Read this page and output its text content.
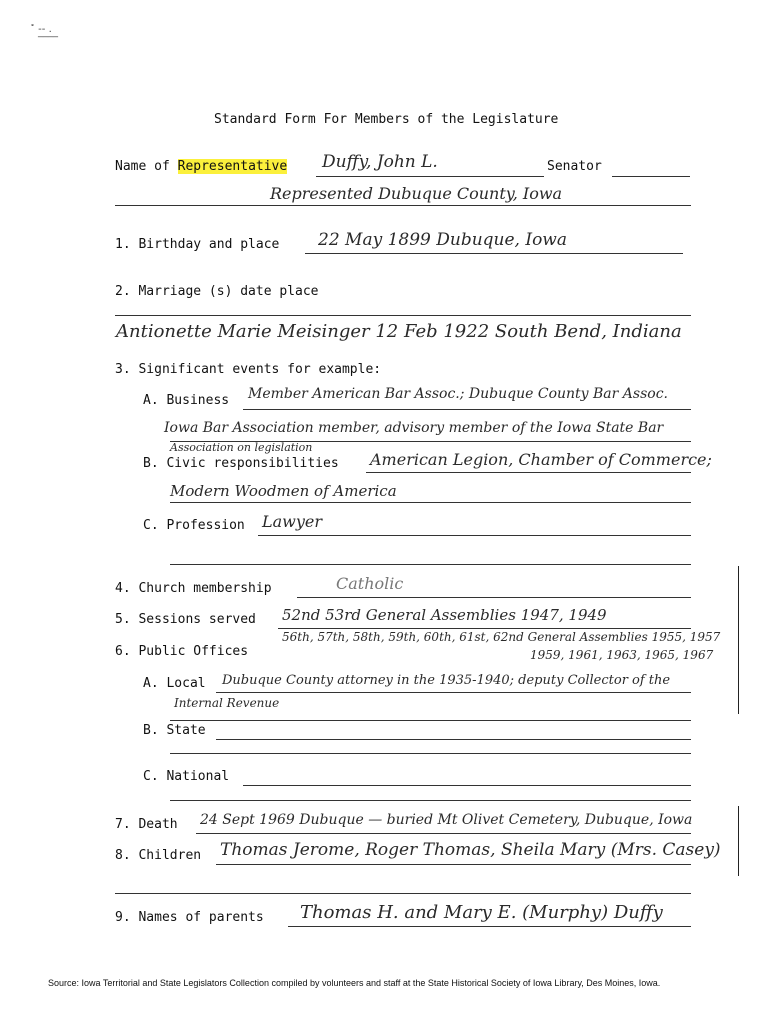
˟ -- .
‾‾‾‾
Standard Form For Members of the Legislature
Name of Representative Duffy, John L.	Senator
Represented Dubuque County, Iowa
1. Birthday and place 22 May 1899 Dubuque, Iowa
2. Marriage (s) date place
Antionette Marie Meisinger 12 Feb 1922 South Bend, Indiana
3. Significant events for example:
A. Business Member American Bar Assoc.; Dubuque County Bar Assoc.
Iowa Bar Association member, advisory member of the Iowa State Bar
Association on legislation
B. Civic responsibilities American Legion, Chamber of Commerce;
Modern Woodmen of America
C. Profession Lawyer
4. Church membership	Catholic
5. Sessions served 52nd 53rd General Assemblies 1947, 1949
6. Public Offices
56th, 57th, 58th, 59th, 60th, 61st, 62nd General Assemblies 1955, 1957
1959, 1961, 1963, 1965, 1967
A. Local Dubuque County attorney in the 1935-1940; deputy Collector of the
Internal Revenue
B. State
C. National
7. Death 24 Sept 1969 Dubuque — buried Mt Olivet Cemetery, Dubuque, Iowa
8. Children Thomas Jerome, Roger Thomas, Sheila Mary (Mrs. Casey)
9. Names of parents Thomas H. and Mary E. (Murphy) Duffy
Source: Iowa Territorial and State Legislators Collection compiled by volunteers and staff at the State Historical Society of Iowa Library, Des Moines, Iowa.
